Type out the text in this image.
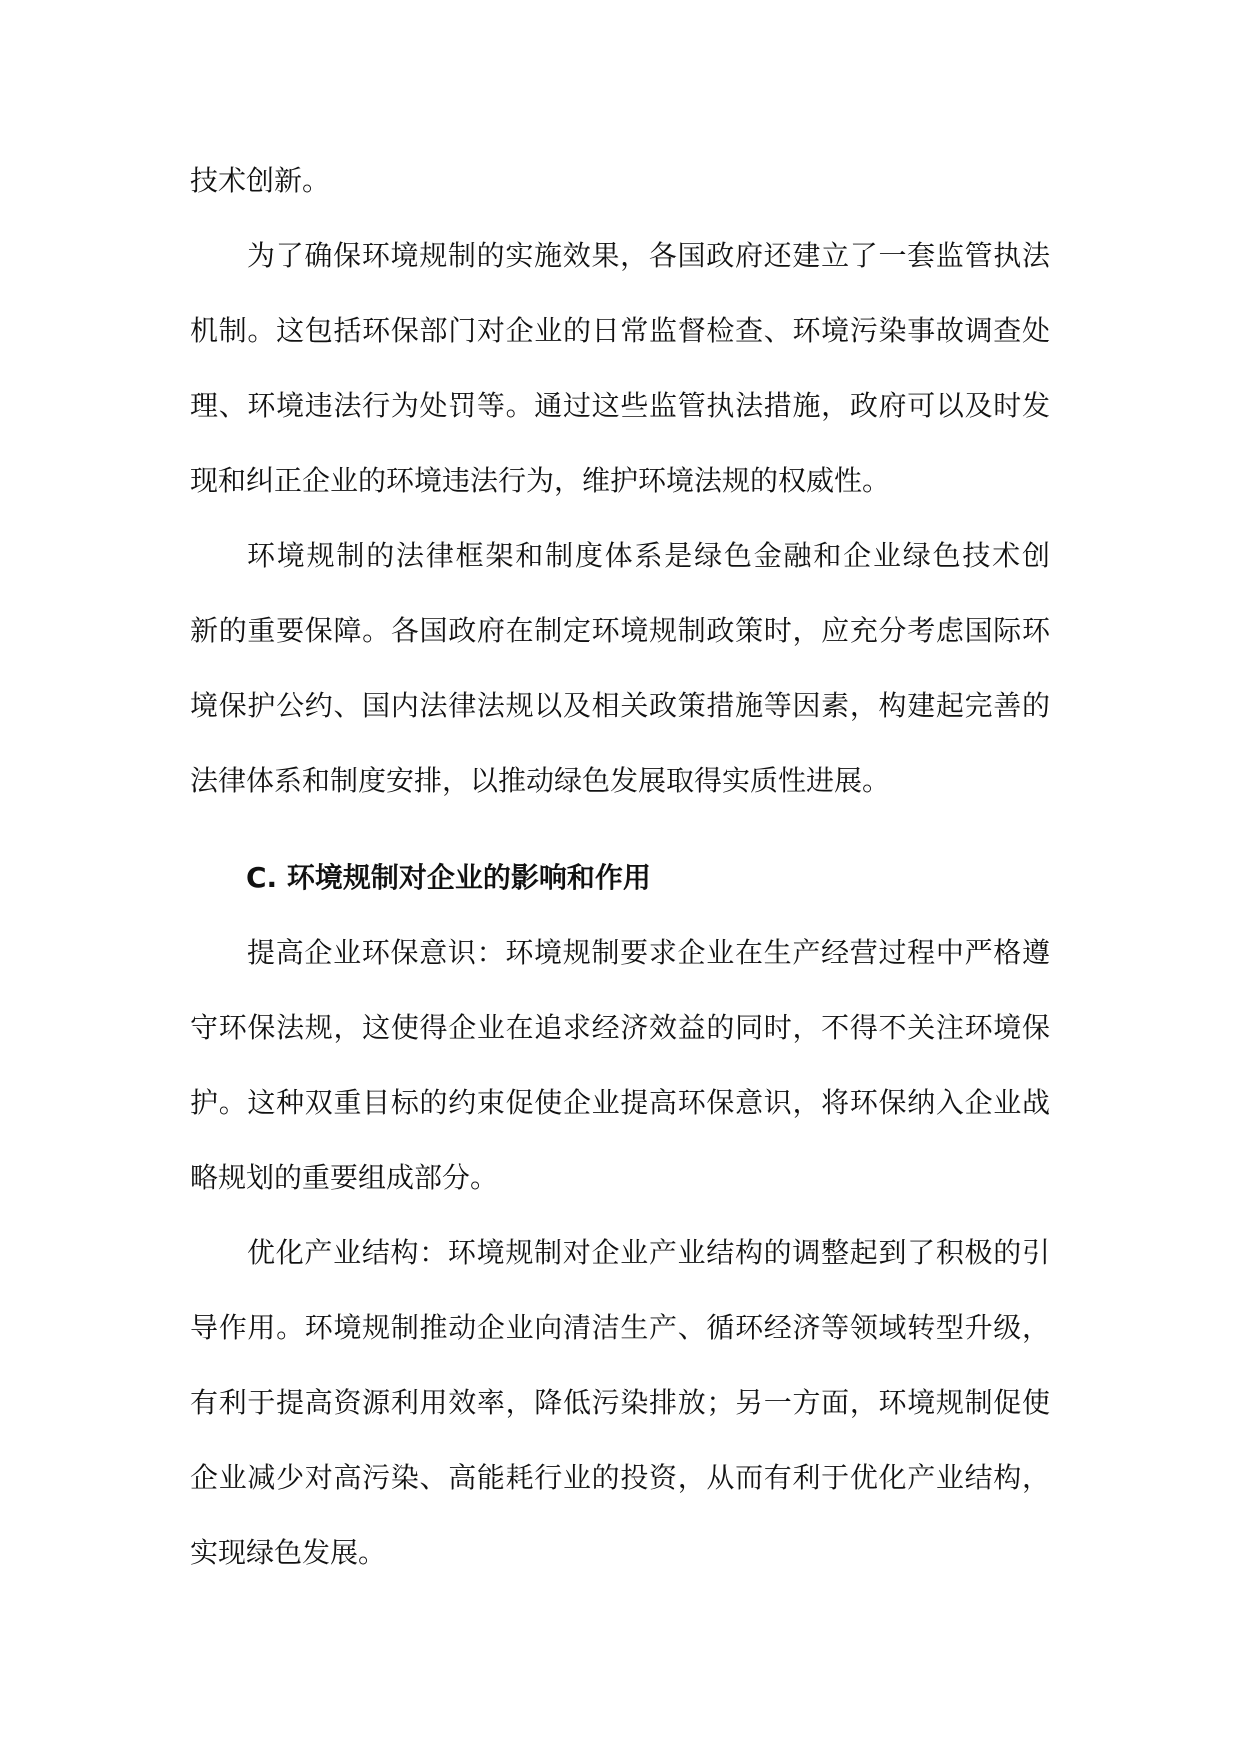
技术创新。
为了确保环境规制的实施效果，各国政府还建立了一套监管执法
机制。这包括环保部门对企业的日常监督检查、环境污染事故调查处
理、环境违法行为处罚等。通过这些监管执法措施，政府可以及时发
现和纠正企业的环境违法行为，维护环境法规的权威性。
环境规制的法律框架和制度体系是绿色金融和企业绿色技术创
新的重要保障。各国政府在制定环境规制政策时，应充分考虑国际环
境保护公约、国内法律法规以及相关政策措施等因素，构建起完善的
法律体系和制度安排，以推动绿色发展取得实质性进展。
C. 环境规制对企业的影响和作用
提高企业环保意识：环境规制要求企业在生产经营过程中严格遵
守环保法规，这使得企业在追求经济效益的同时，不得不关注环境保
护。这种双重目标的约束促使企业提高环保意识，将环保纳入企业战
略规划的重要组成部分。
优化产业结构：环境规制对企业产业结构的调整起到了积极的引
导作用。环境规制推动企业向清洁生产、循环经济等领域转型升级，
有利于提高资源利用效率，降低污染排放；另一方面，环境规制促使
企业减少对高污染、高能耗行业的投资，从而有利于优化产业结构，
实现绿色发展。
